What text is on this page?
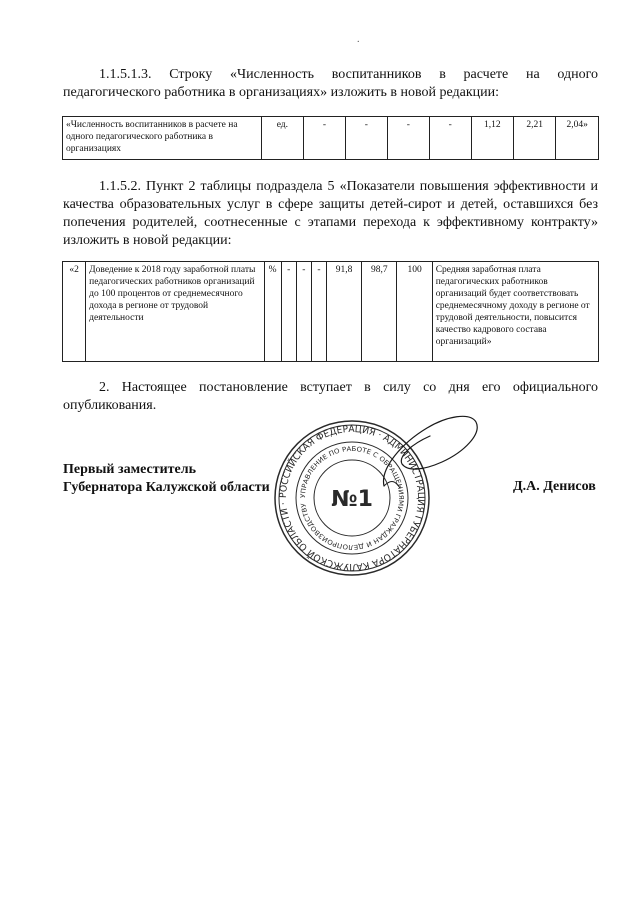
.
1.1.5.1.3. Строку «Численность воспитанников в расчете на одного педагогического работника в организациях» изложить в новой редакции:
«Численность воспитанников в расчете на одного педагогического работника в организациях	ед.	-	-	-	-	1,12	2,21	2,04»
1.1.5.2. Пункт 2 таблицы подраздела 5 «Показатели повышения эффективности и качества образовательных услуг в сфере защиты детей-сирот и детей, оставшихся без попечения родителей, соотнесенные с этапами перехода к эффективному контракту» изложить в новой редакции:
«2	Доведение к 2018 году заработной платы педагогических работников организаций до 100 процентов от среднемесячного дохода в регионе от трудовой деятельности	%	-	-	-	91,8	98,7	100	Средняя заработная плата педагогических работников организаций будет соответствовать среднемесячному доходу в регионе от трудовой деятельности, повысится качество кадрового состава организаций»
2. Настоящее постановление вступает в силу со дня его официального опубликования.
Первый заместитель
Губернатора Калужской области
РОССИЙСКАЯ ФЕДЕРАЦИЯ · АДМИНИСТРАЦИЯ ГУБЕРНАТОРА КАЛУЖСКОЙ ОБЛАСТИ ·
УПРАВЛЕНИЕ ПО РАБОТЕ С ОБРАЩЕНИЯМИ ГРАЖДАН И ДЕЛОПРОИЗВОДСТВУ	№1
Д.А. Денисов
